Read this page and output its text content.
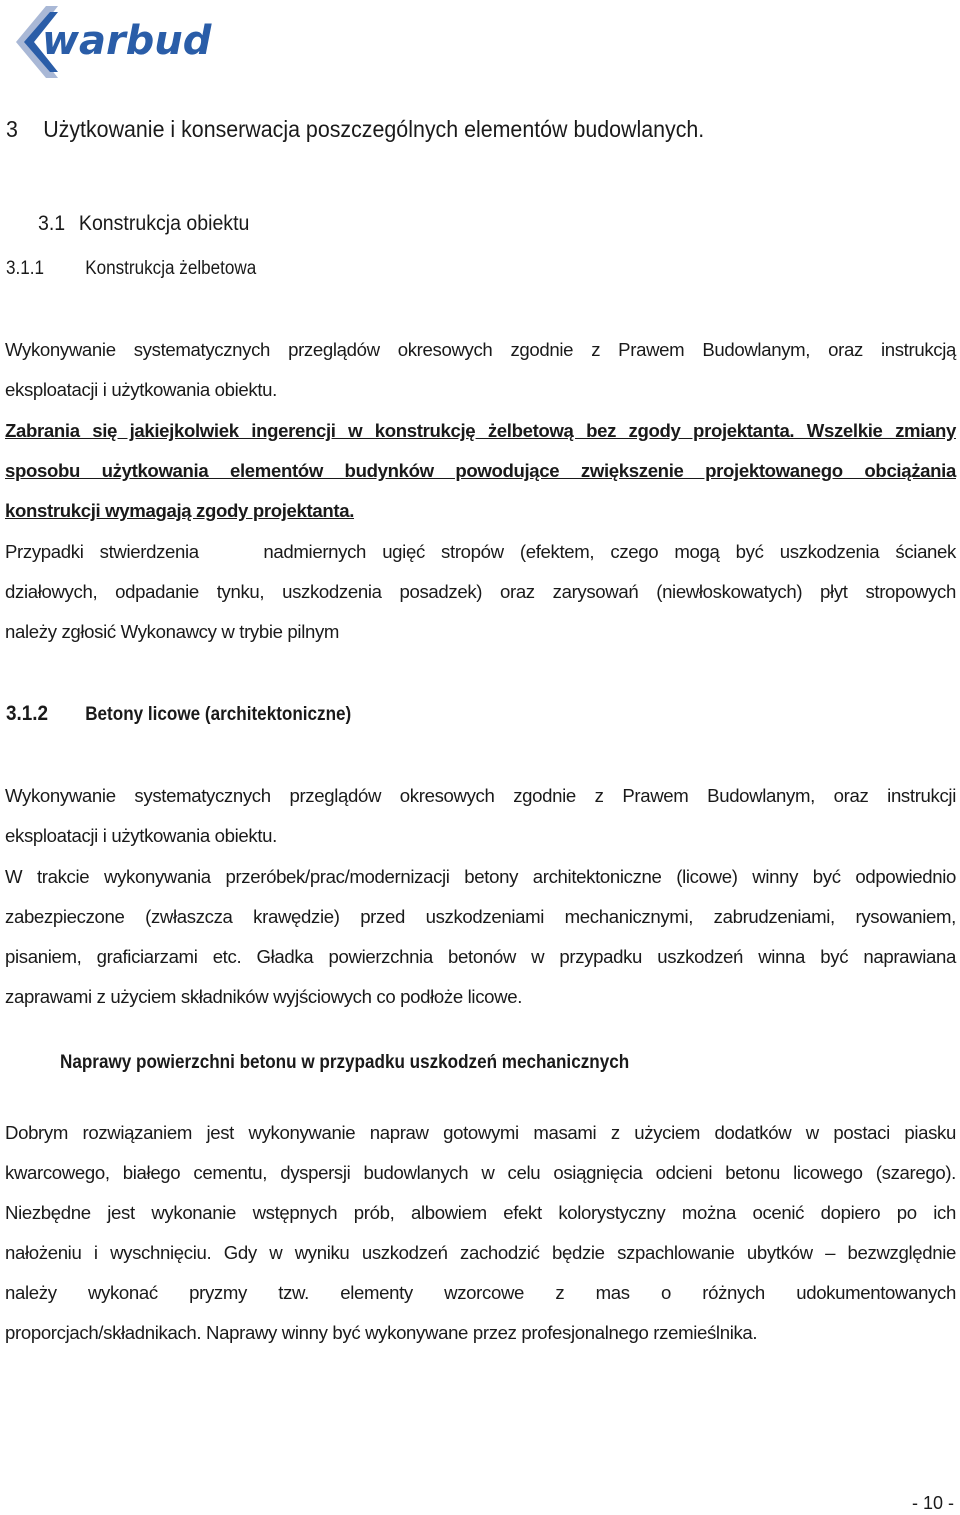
warbud
3 Użytkowanie i konserwacja poszczególnych elementów budowlanych.
3.1 Konstrukcja obiektu
3.1.1 Konstrukcja żelbetowa
Wykonywanie systematycznych przeglądów okresowych zgodnie z Prawem Budowlanym, oraz instrukcją
eksploatacji i użytkowania obiektu.
Zabrania się jakiejkolwiek ingerencji w konstrukcję żelbetową bez zgody projektanta. Wszelkie zmiany
sposobu użytkowania elementów budynków powodujące zwiększenie projektowanego obciążania
konstrukcji wymagają zgody projektanta.
Przypadki stwierdzenia    nadmiernych ugięć stropów (efektem, czego mogą być uszkodzenia ścianek
działowych, odpadanie tynku, uszkodzenia posadzek) oraz zarysowań (niewłoskowatych) płyt stropowych
należy zgłosić Wykonawcy w trybie pilnym
3.1.2 Betony licowe (architektoniczne)
Wykonywanie systematycznych przeglądów okresowych zgodnie z Prawem Budowlanym, oraz instrukcji
eksploatacji i użytkowania obiektu.
W trakcie wykonywania przeróbek/prac/modernizacji betony architektoniczne (licowe) winny być odpowiednio
zabezpieczone (zwłaszcza krawędzie) przed uszkodzeniami mechanicznymi, zabrudzeniami, rysowaniem,
pisaniem, graficiarzami etc. Gładka powierzchnia betonów w przypadku uszkodzeń winna być naprawiana
zaprawami z użyciem składników wyjściowych co podłoże licowe.
Naprawy powierzchni betonu w przypadku uszkodzeń mechanicznych
Dobrym rozwiązaniem jest wykonywanie napraw gotowymi masami z użyciem dodatków w postaci piasku
kwarcowego, białego cementu, dyspersji budowlanych w celu osiągnięcia odcieni betonu licowego (szarego).
Niezbędne jest wykonanie wstępnych prób, albowiem efekt kolorystyczny można ocenić dopiero po ich
nałożeniu i wyschnięciu. Gdy w wyniku uszkodzeń zachodzić będzie szpachlowanie ubytków – bezwzględnie
należy wykonać pryzmy tzw. elementy wzorcowe z mas o różnych udokumentowanych
proporcjach/składnikach. Naprawy winny być wykonywane przez profesjonalnego rzemieślnika.
- 10 -
